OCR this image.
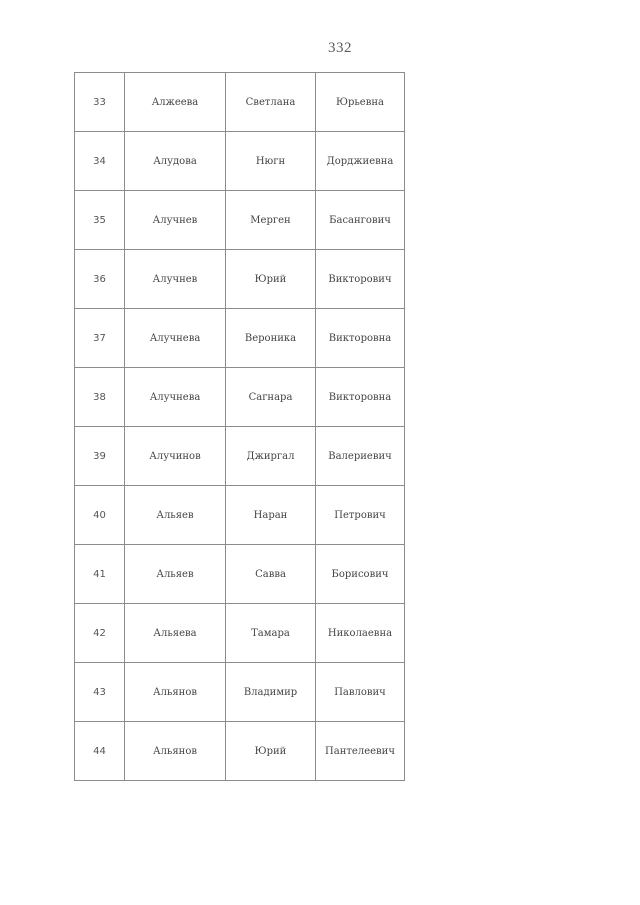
332
33	Алжеева	Светлана	Юрьевна
34	Алудова	Нюгн	Дорджиевна
35	Алучнев	Мерген	Басангович
36	Алучнев	Юрий	Викторович
37	Алучнева	Вероника	Викторовна
38	Алучнева	Сагнара	Викторовна
39	Алучинов	Джиргал	Валериевич
40	Альяев	Наран	Петрович
41	Альяев	Савва	Борисович
42	Альяева	Тамара	Николаевна
43	Альянов	Владимир	Павлович
44	Альянов	Юрий	Пантелеевич
